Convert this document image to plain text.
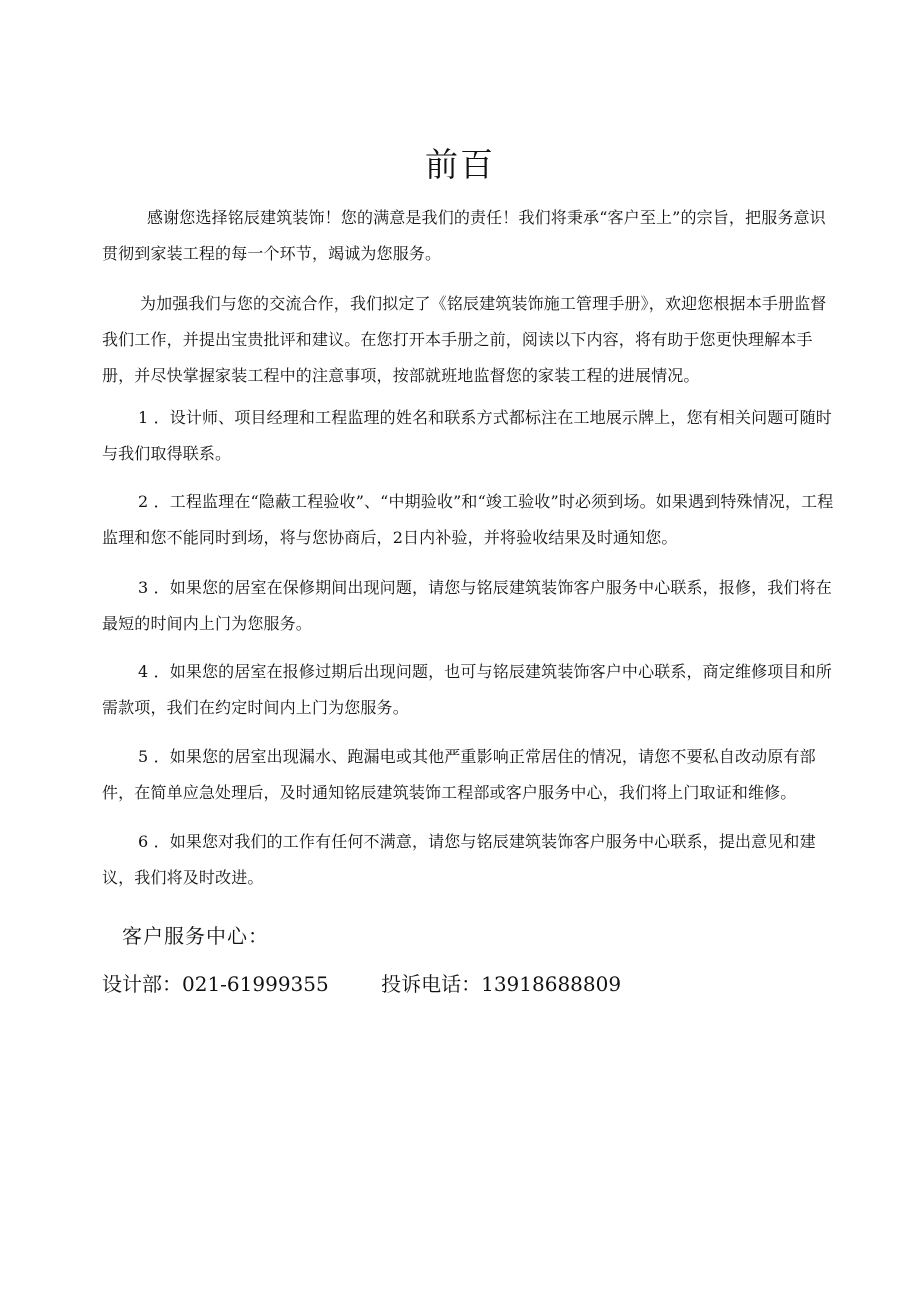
前百

感谢您选择铭辰建筑装饰！您的满意是我们的责任！我们将秉承“客户至上”的宗旨，把服务意识贯彻到家装工程的每一个环节，竭诚为您服务。

为加强我们与您的交流合作，我们拟定了《铭辰建筑装饰施工管理手册》，欢迎您根据本手册监督我们工作，并提出宝贵批评和建议。在您打开本手册之前，阅读以下内容，将有助于您更快理解本手册，并尽快掌握家装工程中的注意事项，按部就班地监督您的家装工程的进展情况。

1 ．设计师、项目经理和工程监理的姓名和联系方式都标注在工地展示牌上，您有相关问题可随时与我们取得联系。

2 ．工程监理在“隐蔽工程验收”、“中期验收”和“竣工验收”时必须到场。如果遇到特殊情况，工程监理和您不能同时到场，将与您协商后，2日内补验，并将验收结果及时通知您。

3 ．如果您的居室在保修期间出现问题，请您与铭辰建筑装饰客户服务中心联系，报修，我们将在最短的时间内上门为您服务。

4 ．如果您的居室在报修过期后出现问题，也可与铭辰建筑装饰客户中心联系，商定维修项目和所需款项，我们在约定时间内上门为您服务。

5 ．如果您的居室出现漏水、跑漏电或其他严重影响正常居住的情况，请您不要私自改动原有部件，在简单应急处理后，及时通知铭辰建筑装饰工程部或客户服务中心，我们将上门取证和维修。

6 ．如果您对我们的工作有任何不满意，请您与铭辰建筑装饰客户服务中心联系，提出意见和建议，我们将及时改进。

客户服务中心：

设计部：021-61999355	投诉电话：13918688809
